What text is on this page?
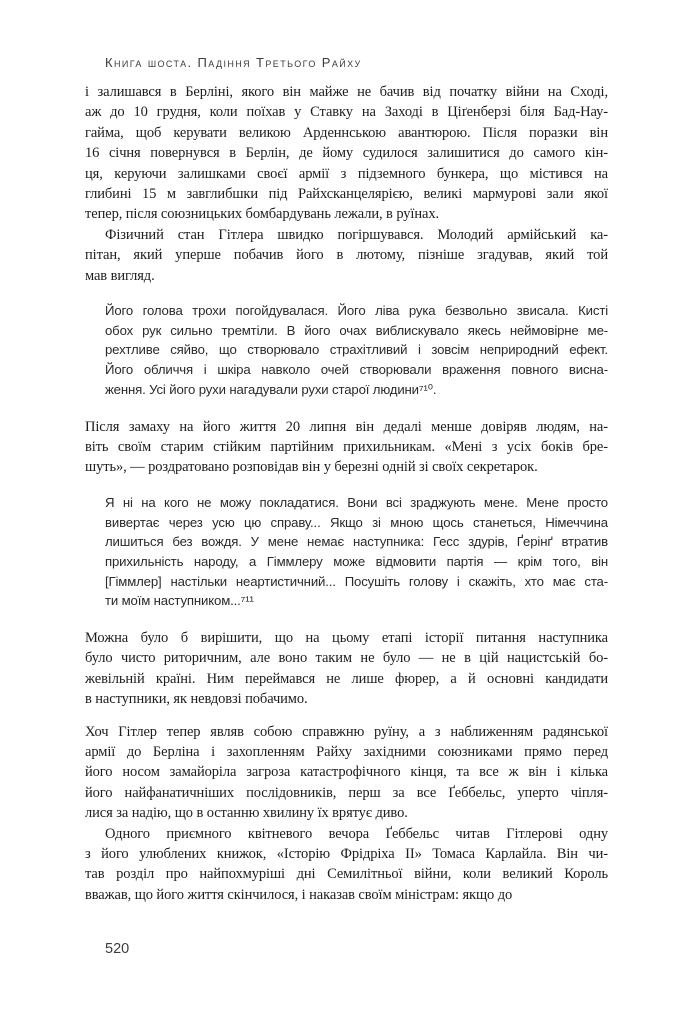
Книга шоста. Падіння Третього Райху
і залишався в Берліні, якого він майже не бачив від початку війни на Сході,
аж до 10 грудня, коли поїхав у Ставку на Заході в Ціґенберзі біля Бад-Нау-
гайма, щоб керувати великою Арденнською авантюрою. Після поразки він
16 січня повернувся в Берлін, де йому судилося залишитися до самого кін-
ця, керуючи залишками своєї армії з підземного бункера, що містився на
глибині 15 м завглибшки під Райхсканцелярією, великі мармурові зали якої
тепер, після союзницьких бомбардувань лежали, в руїнах.
Фізичний стан Гітлера швидко погіршувався. Молодий армійський ка-
пітан, який уперше побачив його в лютому, пізніше згадував, який той
мав вигляд.
Його голова трохи погойдувалася. Його ліва рука безвольно звисала. Кисті
обох рук сильно тремтіли. В його очах виблискувало якесь неймовірне ме-
рехтливе сяйво, що створювало страхітливий і зовсім неприродний ефект.
Його обличчя і шкіра навколо очей створювали враження повного висна-
ження. Усі його рухи нагадували рухи старої людини⁷¹⁰.
Після замаху на його життя 20 липня він дедалі менше довіряв людям, на-
віть своїм старим стійким партійним прихильникам. «Мені з усіх боків бре-
шуть», — роздратовано розповідав він у березні одній зі своїх секретарок.
Я ні на кого не можу покладатися. Вони всі зраджують мене. Мене просто
вивертає через усю цю справу... Якщо зі мною щось станеться, Німеччина
лишиться без вождя. У мене немає наступника: Гесс здурів, Ґерінґ втратив
прихильність народу, а Гіммлеру може відмовити партія — крім того, він
[Гіммлер] настільки неартистичний... Посушіть голову і скажіть, хто має ста-
ти моїм наступником...⁷¹¹
Можна було б вирішити, що на цьому етапі історії питання наступника
було чисто риторичним, але воно таким не було — не в цій нацистській бо-
жевільній країні. Ним переймався не лише фюрер, а й основні кандидати
в наступники, як невдовзі побачимо.
Хоч Гітлер тепер являв собою справжню руїну, а з наближенням радянської
армії до Берліна і захопленням Райху західними союзниками прямо перед
його носом замайоріла загроза катастрофічного кінця, та все ж він і кілька
його найфанатичніших послідовників, перш за все Ґеббельс, уперто чіпля-
лися за надію, що в останню хвилину їх врятує диво.
Одного приємного квітневого вечора Ґеббельс читав Гітлерові одну
з його улюблених книжок, «Історію Фрідріха II» Томаса Карлайла. Він чи-
тав розділ про найпохмуріші дні Семилітньої війни, коли великий Король
вважав, що його життя скінчилося, і наказав своїм міністрам: якщо до
520
